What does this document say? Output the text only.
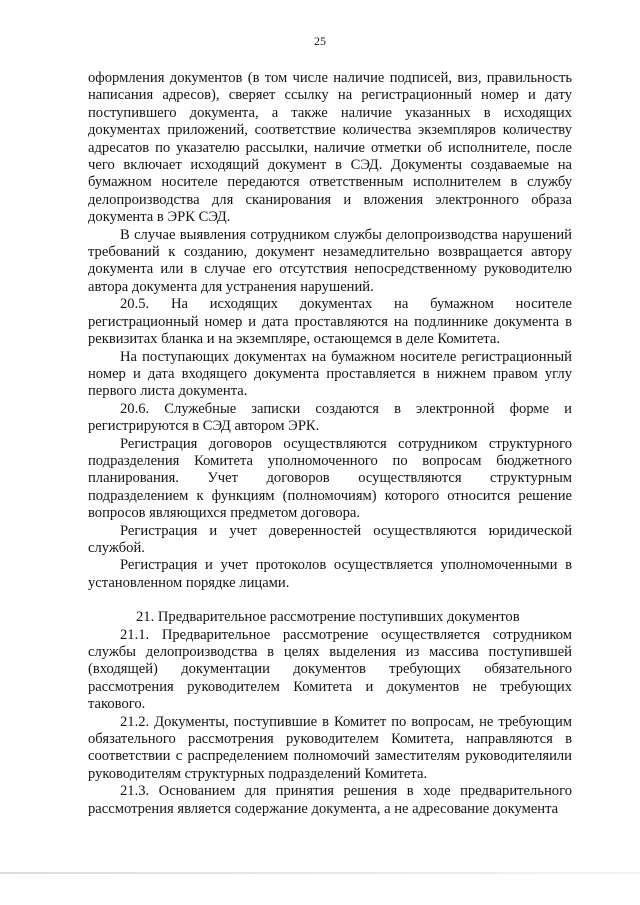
25

оформления документов (в том числе наличие подписей, виз, правильность написания адресов), сверяет ссылку на регистрационный номер и дату поступившего документа, а также наличие указанных в исходящих документах приложений, соответствие количества экземпляров количеству адресатов по указателю рассылки, наличие отметки об исполнителе, после чего включает исходящий документ в СЭД. Документы создаваемые на бумажном носителе передаются ответственным исполнителем в службу делопроизводства для сканирования и вложения электронного образа документа в ЭРК СЭД.

В случае выявления сотрудником службы делопроизводства нарушений требований к созданию, документ незамедлительно возвращается автору документа или в случае его отсутствия непосредственному руководителю автора документа для устранения нарушений.

20.5. На исходящих документах на бумажном носителе регистрационный номер и дата проставляются на подлиннике документа в реквизитах бланка и на экземпляре, остающемся в деле Комитета.

На поступающих документах на бумажном носителе регистрационный номер и дата входящего документа проставляется в нижнем правом углу первого листа документа.

20.6. Служебные записки создаются в электронной форме и регистрируются в СЭД автором ЭРК.

Регистрация договоров осуществляются сотрудником структурного подразделения Комитета уполномоченного по вопросам бюджетного планирования. Учет договоров осуществляются структурным подразделением к функциям (полномочиям) которого относится решение вопросов являющихся предметом договора.

Регистрация и учет доверенностей осуществляются юридической службой.

Регистрация и учет протоколов осуществляется уполномоченными в установленном порядке лицами.

21. Предварительное рассмотрение поступивших документов

21.1. Предварительное рассмотрение осуществляется сотрудником службы делопроизводства в целях выделения из массива поступившей (входящей) документации документов требующих обязательного рассмотрения руководителем Комитета и документов не требующих такового.

21.2. Документы, поступившие в Комитет по вопросам, не требующим обязательного рассмотрения руководителем Комитета, направляются в соответствии с распределением полномочий заместителям руководителяили руководителям структурных подразделений Комитета.

21.3. Основанием для принятия решения в ходе предварительного рассмотрения является содержание документа, а не адресование документа
